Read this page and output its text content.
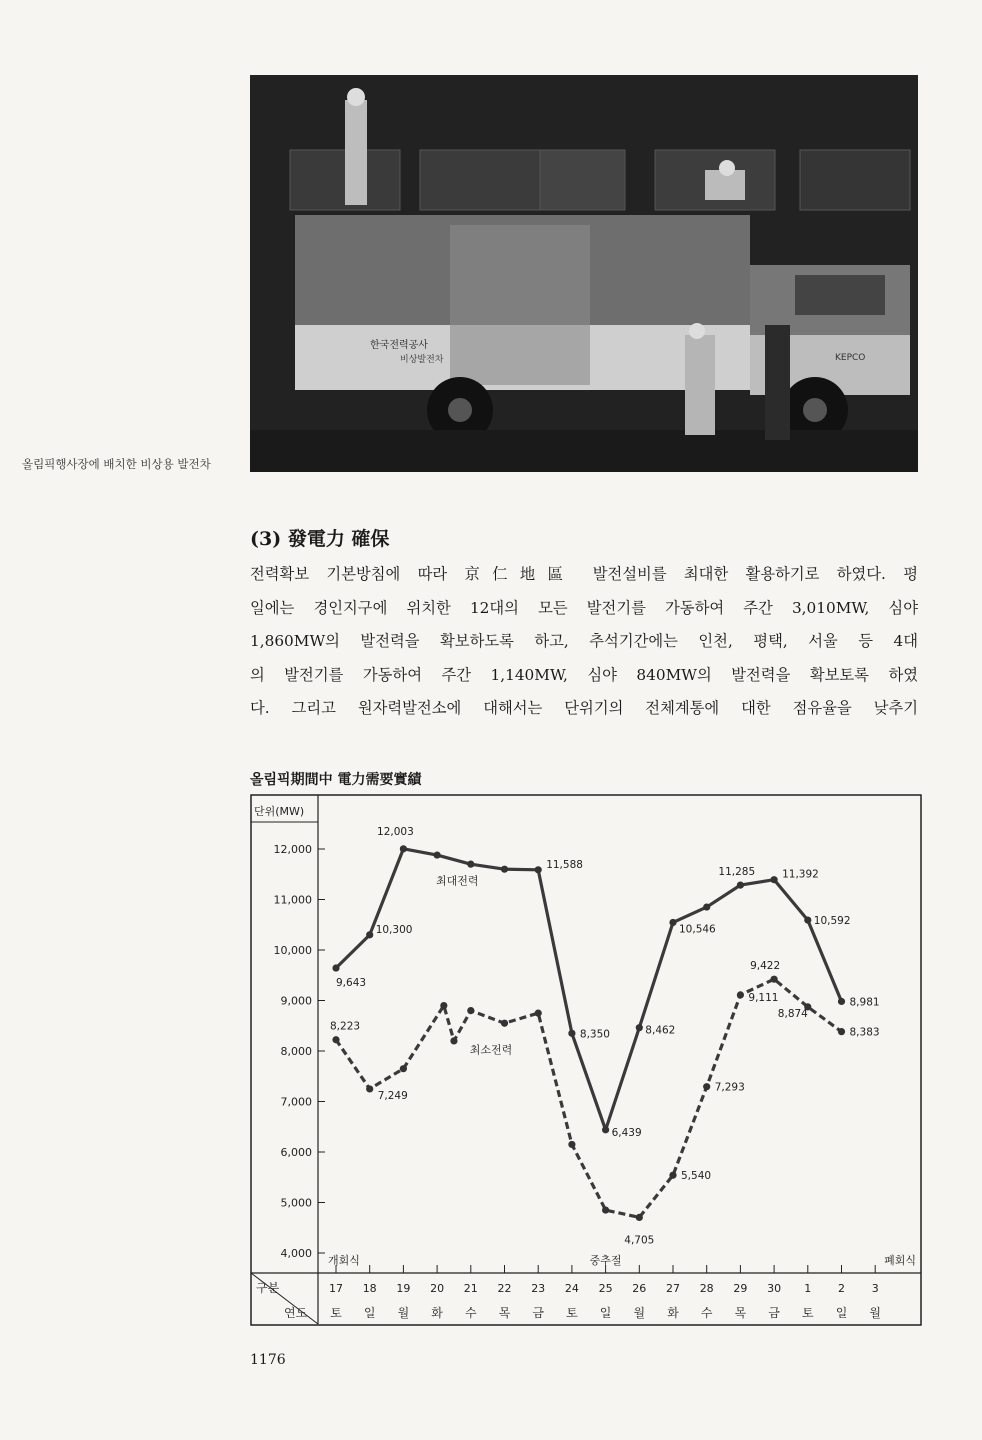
한국전력공사
비상발전차	KEPCO
올림픽행사장에 배치한 비상용 발전차
(3) 發電力 確保
전력확보 기본방침에 따라 京仁地區 발전설비를 최대한 활용하기로 하였다. 평
일에는 경인지구에 위치한 12대의 모든 발전기를 가동하여 주간 3,010MW, 심야
1,860MW의 발전력을 확보하도록 하고, 추석기간에는 인천, 평택, 서울 등 4대
의 발전기를 가동하여 주간 1,140MW, 심야 840MW의 발전력을 확보토록 하였
다. 그리고 원자력발전소에 대해서는 단위기의 전체계통에 대한 점유율을 낮추기
올림픽期間中 電力需要實績
단위(MW)
4,000
5,000
6,000
7,000
8,000
9,000
10,000
11,000
12,000
17
토
18
일
19
월
20
화
21
수
22
목
23
금
24
토
25
일
26
월
27
화
28
수
29
목
30
금
1
토
2
일
3
월
구분
연도
개회식	중추절	폐회식
최대전력
최소전력
12,003
11,588
10,300
9,643
8,350
6,439
8,462
10,546
11,285	11,392
10,592
8,981
8,223
7,249
4,705
5,540
7,293
9,111
9,422
8,874
8,383
1176
